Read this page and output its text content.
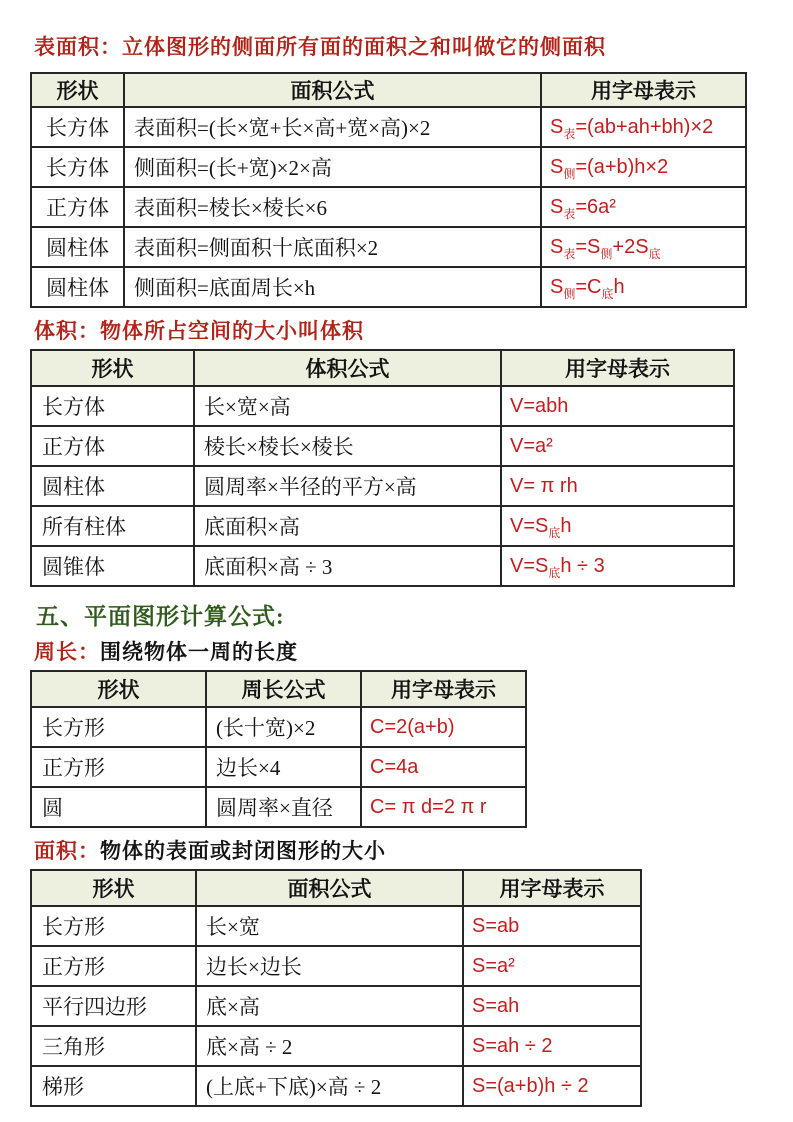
表面积：立体图形的侧面所有面的面积之和叫做它的侧面积
形状	面积公式	用字母表示
长方体	表面积=(长×宽+长×高+宽×高)×2	$S_表=(ab+ah+bh)\times 2$
长方体	侧面积=(长+宽)×2×高	$S_侧=(a+b)h\times 2$
正方体	表面积=棱长×棱长×6	$S_表=6a^2$
圆柱体	表面积=侧面积十底面积×2	$S_表=S_侧+2S_底$
圆柱体	侧面积=底面周长×h	$S_侧=C_底h$
体积：物体所占空间的大小叫体积
形状	体积公式	用字母表示
长方体	长×宽×高	V=abh
正方体	棱长×棱长×棱长	V=a²
圆柱体	圆周率×半径的平方×高	V= π rh
所有柱体	底面积×高	$V=S_底h$
圆锥体	底面积×高 ÷ 3	$V=S_底h \div 3$
五、平面图形计算公式:
周长：围绕物体一周的长度
形状	周长公式	用字母表示
长方形	(长十宽)×2	C=2(a+b)
正方形	边长×4	C=4a
圆	圆周率×直径	C= π d=2 π r
面积：物体的表面或封闭图形的大小
形状	面积公式	用字母表示
长方形	长×宽	S=ab
正方形	边长×边长	S=a²
平行四边形	底×高	S=ah
三角形	底×高 ÷ 2	S=ah ÷ 2
梯形	(上底+下底)×高 ÷ 2	S=(a+b)h ÷ 2
